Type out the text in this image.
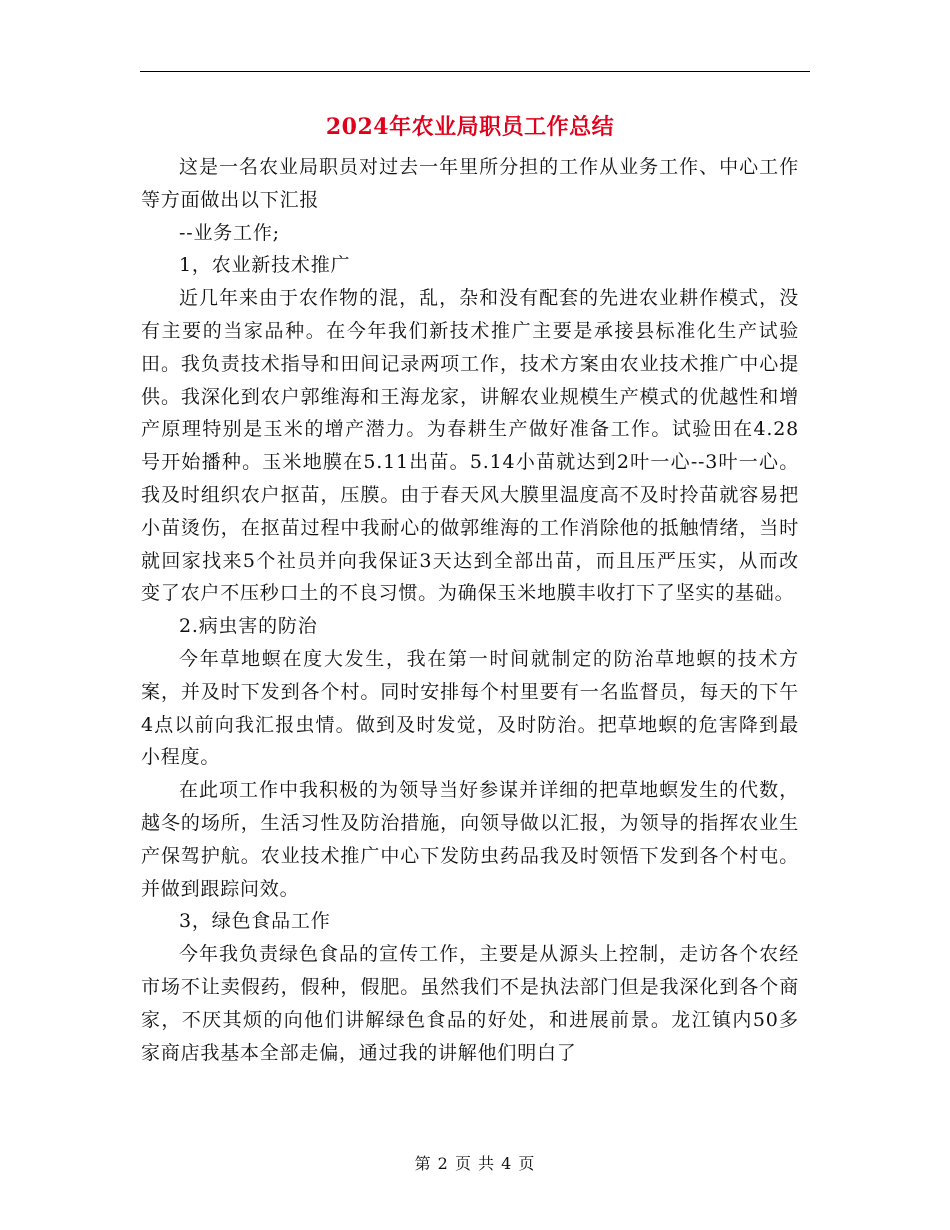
2024年农业局职员工作总结

这是一名农业局职员对过去一年里所分担的工作从业务工作、中心工作等方面做出以下汇报

--业务工作;

1，农业新技术推广

近几年来由于农作物的混，乱，杂和没有配套的先进农业耕作模式，没有主要的当家品种。在今年我们新技术推广主要是承接县标准化生产试验田。我负责技术指导和田间记录两项工作，技术方案由农业技术推广中心提供。我深化到农户郭维海和王海龙家，讲解农业规模生产模式的优越性和增产原理特别是玉米的增产潜力。为春耕生产做好准备工作。试验田在4.28号开始播种。玉米地膜在5.11出苗。5.14小苗就达到2叶一心--3叶一心。我及时组织农户抠苗，压膜。由于春天风大膜里温度高不及时拎苗就容易把小苗烫伤，在抠苗过程中我耐心的做郭维海的工作消除他的抵触情绪，当时就回家找来5个社员并向我保证3天达到全部出苗，而且压严压实，从而改变了农户不压秒口土的不良习惯。为确保玉米地膜丰收打下了坚实的基础。

2.病虫害的防治

今年草地螟在度大发生，我在第一时间就制定的防治草地螟的技术方案，并及时下发到各个村。同时安排每个村里要有一名监督员，每天的下午4点以前向我汇报虫情。做到及时发觉，及时防治。把草地螟的危害降到最小程度。

在此项工作中我积极的为领导当好参谋并详细的把草地螟发生的代数，越冬的场所，生活习性及防治措施，向领导做以汇报，为领导的指挥农业生产保驾护航。农业技术推广中心下发防虫药品我及时领悟下发到各个村屯。并做到跟踪问效。

3，绿色食品工作

今年我负责绿色食品的宣传工作，主要是从源头上控制，走访各个农经市场不让卖假药，假种，假肥。虽然我们不是执法部门但是我深化到各个商家，不厌其烦的向他们讲解绿色食品的好处，和进展前景。龙江镇内50多家商店我基本全部走偏，通过我的讲解他们明白了

第 2 页 共 4 页
